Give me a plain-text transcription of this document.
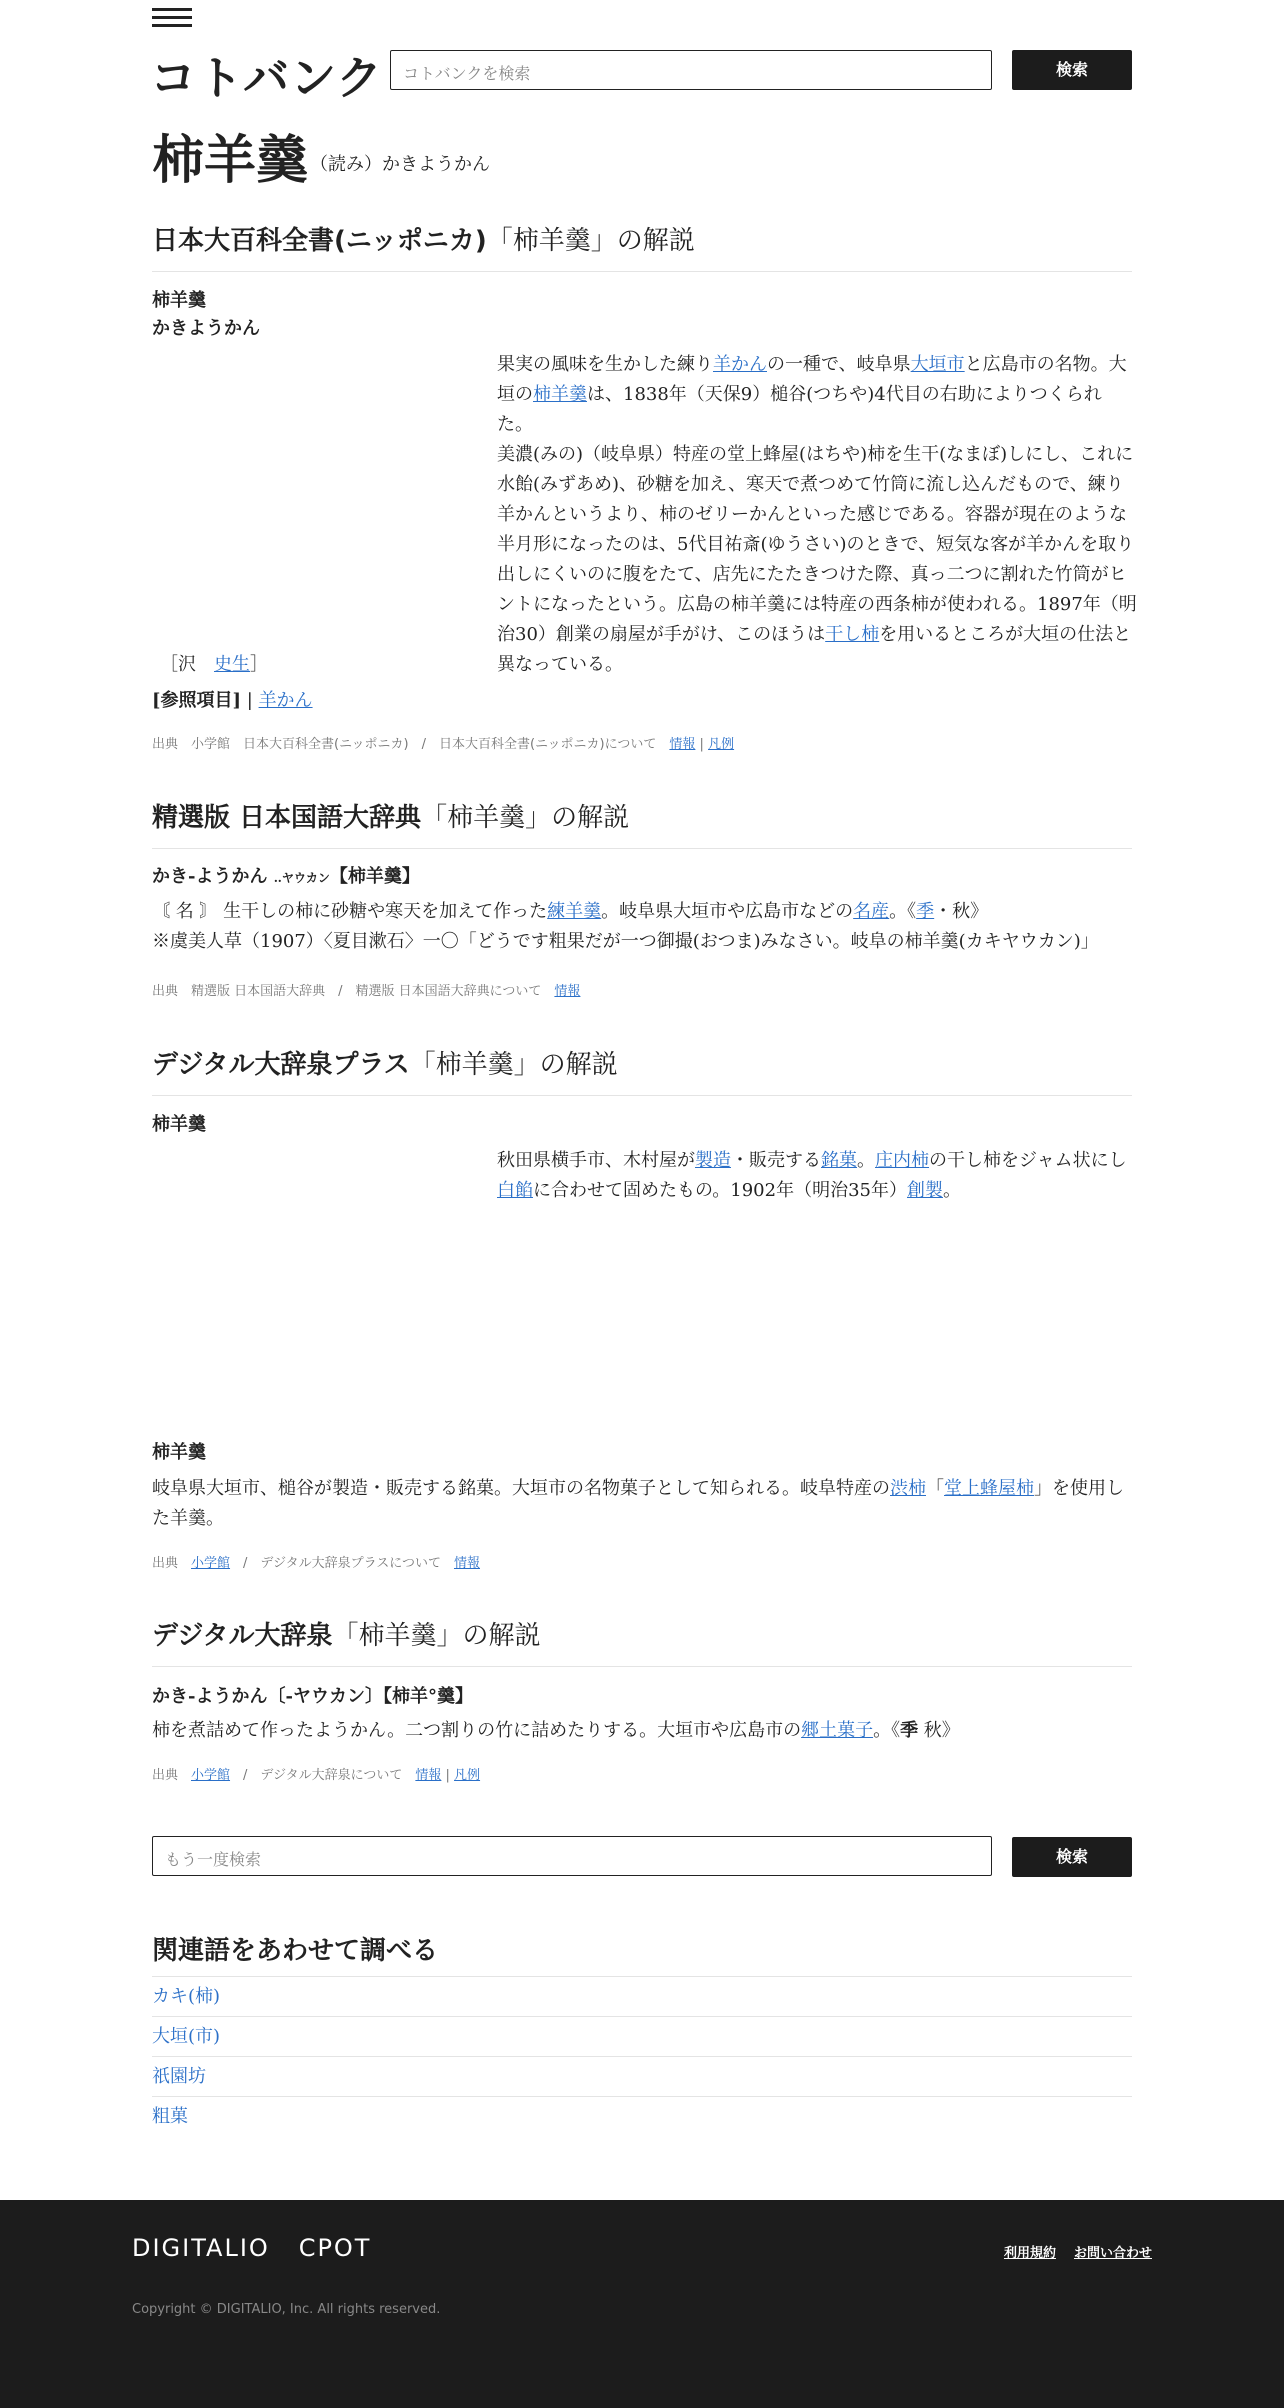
コトバンク	コトバンクを検索	検索
柿羊羹 （読み）かきようかん
日本大百科全書(ニッポニカ)「柿羊羹」の解説
柿羊羹
かきようかん
果実の風味を生かした練り羊かんの一種で、岐阜県大垣市と広島市の名物。大
垣の柿羊羹は、1838年（天保9）槌谷(つちや)4代目の右助によりつくられた。
美濃(みの)（岐阜県）特産の堂上蜂屋(はちや)柿を生干(なまぼ)しにし、これに
水飴(みずあめ)、砂糖を加え、寒天で煮つめて竹筒に流し込んだもので、練り
羊かんというより、柿のゼリーかんといった感じである。容器が現在のような
半月形になったのは、5代目祐斎(ゆうさい)のときで、短気な客が羊かんを取り
出しにくいのに腹をたて、店先にたたきつけた際、真っ二つに割れた竹筒がヒ
ントになったという。広島の柿羊羹には特産の西条柿が使われる。1897年（明
治30）創業の扇屋が手がけ、このほうは干し柿を用いるところが大垣の仕法と
異なっている。
［沢　史生］
[参照項目] | 羊かん
出典　小学館　日本大百科全書(ニッポニカ)　/　日本大百科全書(ニッポニカ)について　 情報 | 凡例
精選版 日本国語大辞典「柿羊羹」の解説
かき-ようかん ‥ヤウカン【柿羊羹】
〘 名 〙 生干しの柿に砂糖や寒天を加えて作った練羊羹。岐阜県大垣市や広島市などの名産。《季・秋》
※虞美人草（1907）〈夏目漱石〉一〇「どうです粗果だが一つ御撮(おつま)みなさい。岐阜の柿羊羹(カキヤウカン)」
出典　精選版 日本国語大辞典　/　精選版 日本国語大辞典について　 情報
デジタル大辞泉プラス「柿羊羹」の解説
柿羊羹
秋田県横手市、木村屋が製造・販売する銘菓。庄内柿の干し柿をジャム状にし
白餡に合わせて固めたもの。1902年（明治35年）創製。
柿羊羹
岐阜県大垣市、槌谷が製造・販売する銘菓。大垣市の名物菓子として知られる。岐阜特産の渋柿「堂上蜂屋柿」を使用し
た羊羹。
出典　小学館　/　デジタル大辞泉プラスについて　情報
デジタル大辞泉「柿羊羹」の解説
かき-ようかん〔-ヤウカン〕【柿羊°羹】
柿を煮詰めて作ったようかん。二つ割りの竹に詰めたりする。大垣市や広島市の郷土菓子。《季 秋》
出典　小学館　/　デジタル大辞泉について　情報 | 凡例
もう一度検索	検索
関連語をあわせて調べる
カキ(柿)
大垣(市)
祇園坊
粗菓
DIGITALIO CPOT	利用規約 お問い合わせ
Copyright © DIGITALIO, Inc. All rights reserved.
